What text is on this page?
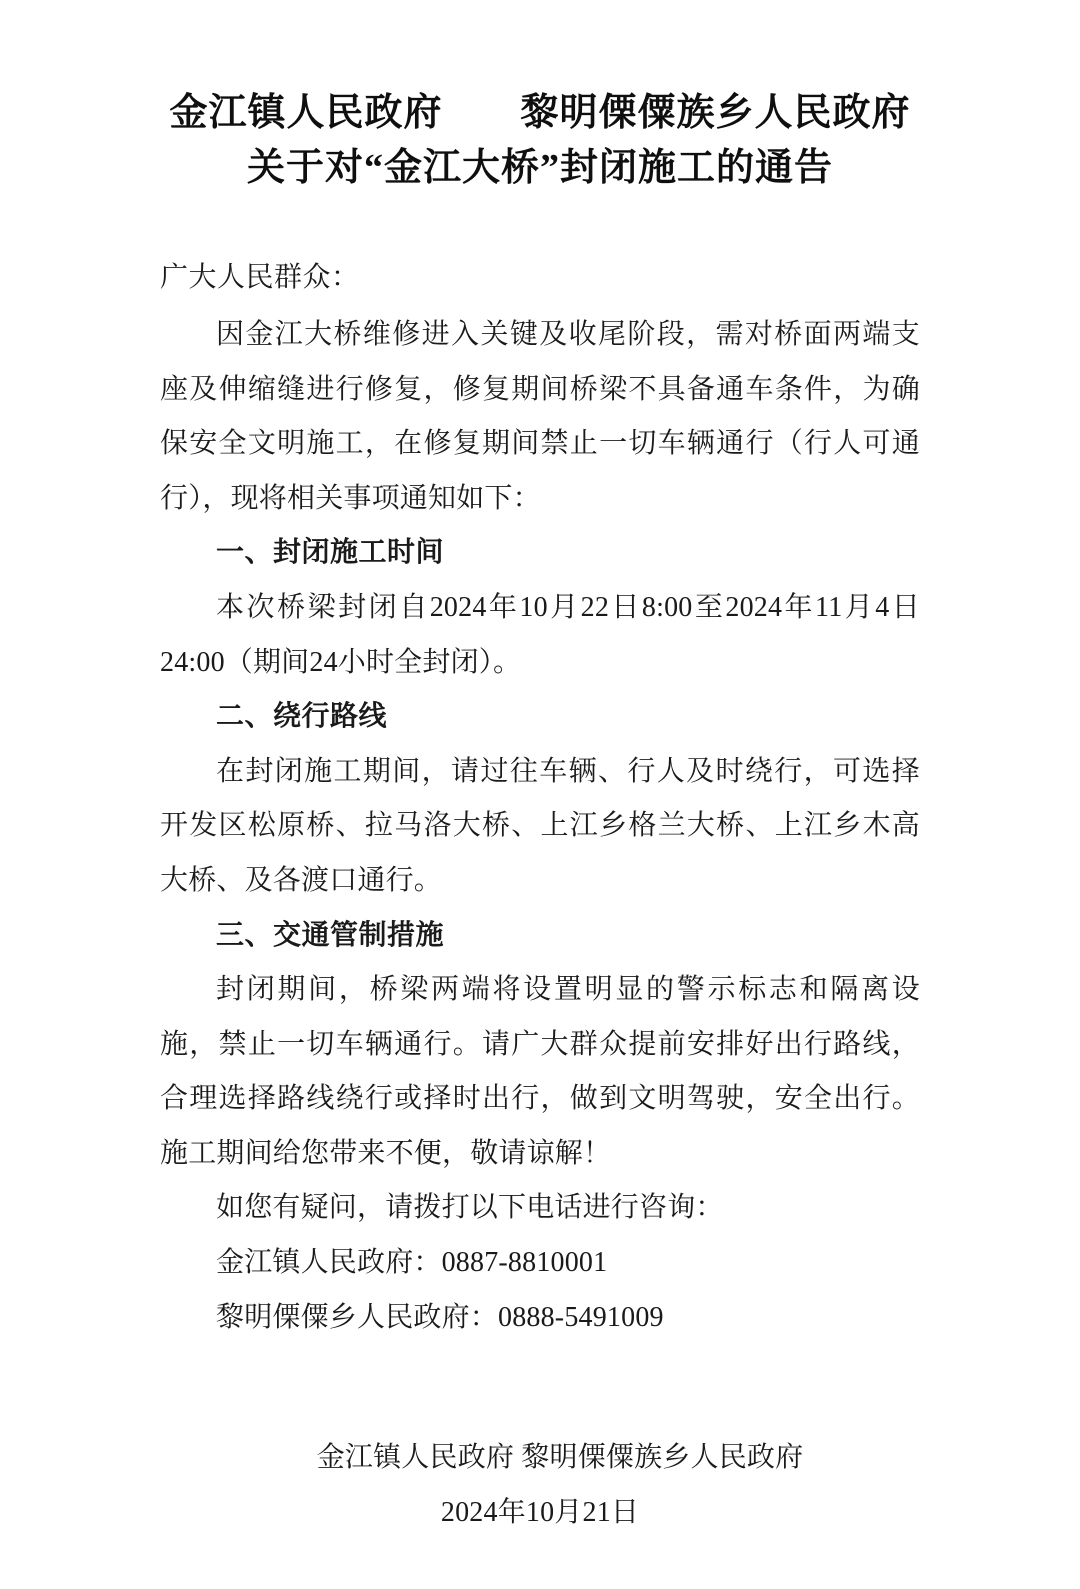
金江镇人民政府　　黎明傈僳族乡人民政府
关于对“金江大桥”封闭施工的通告

广大人民群众：

因金江大桥维修进入关键及收尾阶段，需对桥面两端支座及伸缩缝进行修复，修复期间桥梁不具备通车条件，为确保安全文明施工，在修复期间禁止一切车辆通行（行人可通行），现将相关事项通知如下：

一、封闭施工时间

本次桥梁封闭自2024年10月22日8:00至2024年11月4日24:00（期间24小时全封闭）。

二、绕行路线

在封闭施工期间，请过往车辆、行人及时绕行，可选择开发区松原桥、拉马洛大桥、上江乡格兰大桥、上江乡木高大桥、及各渡口通行。

三、交通管制措施

封闭期间，桥梁两端将设置明显的警示标志和隔离设施，禁止一切车辆通行。请广大群众提前安排好出行路线，合理选择路线绕行或择时出行，做到文明驾驶，安全出行。施工期间给您带来不便，敬请谅解！

如您有疑问，请拨打以下电话进行咨询：

金江镇人民政府：0887-8810001

黎明傈僳乡人民政府：0888-5491009

金江镇人民政府 黎明傈僳族乡人民政府
2024年10月21日
